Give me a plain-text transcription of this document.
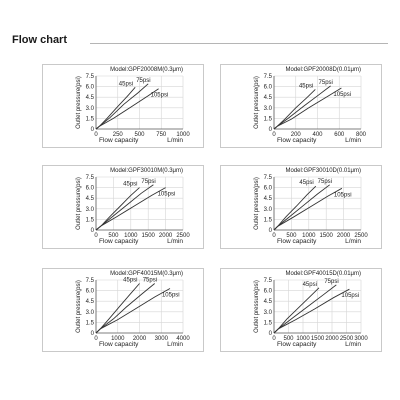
Flow chart
0
1.5
3.0
4.5
6.0
7.5
0	250 500 750 1000
Model:GPF20008M(0.3μm)
Flow capacity	L/min
Outlet pressure(psi)	45psi
75psi
105psi
0
1.5
3.0
4.5
6.0
7.5
0	200 400 600 800
Model:GPF20008D(0.01μm)
Flow capacity	L/min
Outlet pressure(psi)	45psi
75psi
105psi
0
1.5
3.0
4.5
6.0
7.5
0 500 1000 1500 2000 2500
Model:GPF30010M(0.3μm)
Flow capacity	L/min
Outlet pressure(psi)	45psi 75psi
105psi
0
1.5
3.0
4.5
6.0
7.5
0 500 1000 1500 2000 2500
Model:GPF30010D(0.01μm)
Flow capacity	L/min
Outlet pressure(psi)	45psi 75psi
105psi
0
1.5
3.0
4.5
6.0
7.5
0 1000 2000 3000 4000
Model:GPF40015M(0.3μm)
Flow capacity	L/min
Outlet pressure(psi)	45psi 75psi
105psi
0
1.5
3.0
4.5
6.0
7.5
0 500 1000 1500 2000 2500 3000
Model:GPF40015D(0.01μm)
Flow capacity	L/min
Outlet pressure(psi)	45psi 75psi
105psi
